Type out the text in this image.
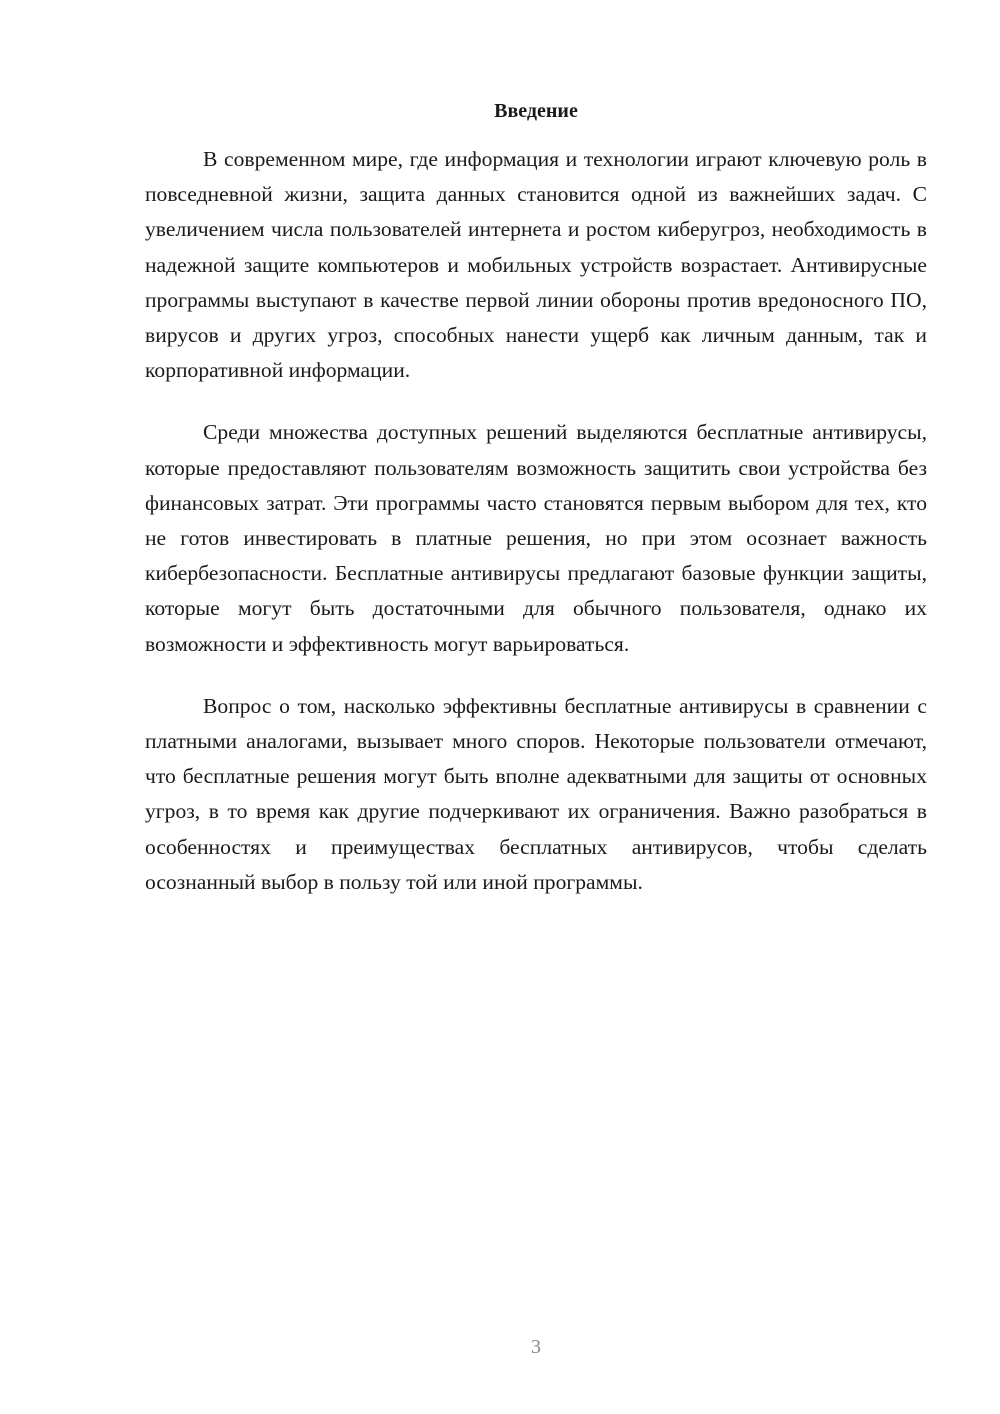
Введение

В современном мире, где информация и технологии играют ключевую роль в повседневной жизни, защита данных становится одной из важнейших задач. С увеличением числа пользователей интернета и ростом киберугроз, необходимость в надежной защите компьютеров и мобильных устройств возрастает. Антивирусные программы выступают в качестве первой линии обороны против вредоносного ПО, вирусов и других угроз, способных нанести ущерб как личным данным, так и корпоративной информации.

Среди множества доступных решений выделяются бесплатные антивирусы, которые предоставляют пользователям возможность защитить свои устройства без финансовых затрат. Эти программы часто становятся первым выбором для тех, кто не готов инвестировать в платные решения, но при этом осознает важность кибербезопасности. Бесплатные антивирусы предлагают базовые функции защиты, которые могут быть достаточными для обычного пользователя, однако их возможности и эффективность могут варьироваться.

Вопрос о том, насколько эффективны бесплатные антивирусы в сравнении с платными аналогами, вызывает много споров. Некоторые пользователи отмечают, что бесплатные решения могут быть вполне адекватными для защиты от основных угроз, в то время как другие подчеркивают их ограничения. Важно разобраться в особенностях и преимуществах бесплатных антивирусов, чтобы сделать осознанный выбор в пользу той или иной программы.

3
